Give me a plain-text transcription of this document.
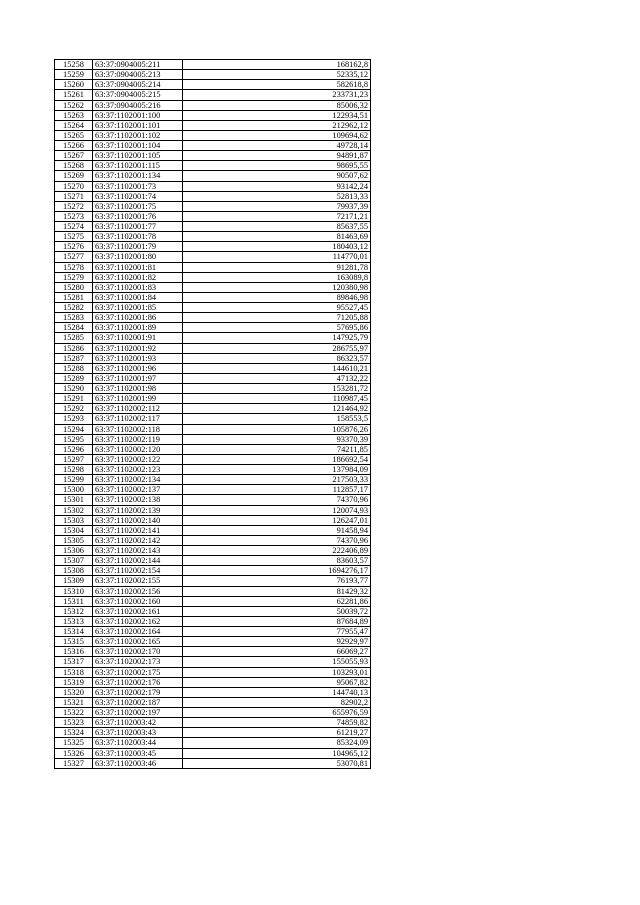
15258	63:37:0904005:211	168162,8
15259	63:37:0904005:213	52335,12
15260	63:37:0904005:214	582618,8
15261	63:37:0904005:215	233731,23
15262	63:37:0904005:216	85006,32
15263	63:37:1102001:100	122934,51
15264	63:37:1102001:101	212962,12
15265	63:37:1102001:102	109694,62
15266	63:37:1102001:104	49728,14
15267	63:37:1102001:105	94891,87
15268	63:37:1102001:115	98695,55
15269	63:37:1102001:134	90507,62
15270	63:37:1102001:73	93142,24
15271	63:37:1102001:74	52813,33
15272	63:37:1102001:75	79937,39
15273	63:37:1102001:76	72171,21
15274	63:37:1102001:77	85637,55
15275	63:37:1102001:78	81463,69
15276	63:37:1102001:79	180403,12
15277	63:37:1102001:80	114770,01
15278	63:37:1102001:81	91281,78
15279	63:37:1102001:82	163089,8
15280	63:37:1102001:83	120380,98
15281	63:37:1102001:84	89846,98
15282	63:37:1102001:85	95527,45
15283	63:37:1102001:86	71205,88
15284	63:37:1102001:89	57695,86
15285	63:37:1102001:91	147925,79
15286	63:37:1102001:92	286755,97
15287	63:37:1102001:93	86323,57
15288	63:37:1102001:96	144610,21
15289	63:37:1102001:97	47132,22
15290	63:37:1102001:98	153281,72
15291	63:37:1102001:99	110987,45
15292	63:37:1102002:112	121464,92
15293	63:37:1102002:117	158553,5
15294	63:37:1102002:118	105876,26
15295	63:37:1102002:119	93370,39
15296	63:37:1102002:120	74211,85
15297	63:37:1102002:122	186692,54
15298	63:37:1102002:123	137984,09
15299	63:37:1102002:134	217503,33
15300	63:37:1102002:137	112857,17
15301	63:37:1102002:138	74370,96
15302	63:37:1102002:139	120074,93
15303	63:37:1102002:140	126247,01
15304	63:37:1102002:141	91458,94
15305	63:37:1102002:142	74370,96
15306	63:37:1102002:143	222406,89
15307	63:37:1102002:144	83603,57
15308	63:37:1102002:154	1694276,17
15309	63:37:1102002:155	76193,77
15310	63:37:1102002:156	81429,32
15311	63:37:1102002:160	62281,86
15312	63:37:1102002:161	50039,72
15313	63:37:1102002:162	87684,89
15314	63:37:1102002:164	77955,47
15315	63:37:1102002:165	92929,97
15316	63:37:1102002:170	66069,27
15317	63:37:1102002:173	155055,93
15318	63:37:1102002:175	103293,01
15319	63:37:1102002:176	95067,82
15320	63:37:1102002:179	144740,13
15321	63:37:1102002:187	82902,2
15322	63:37:1102002:197	655976,59
15323	63:37:1102003:42	74859,82
15324	63:37:1102003:43	61219,27
15325	63:37:1102003:44	85324,09
15326	63:37:1102003:45	104965,12
15327	63:37:1102003:46	53070,81
